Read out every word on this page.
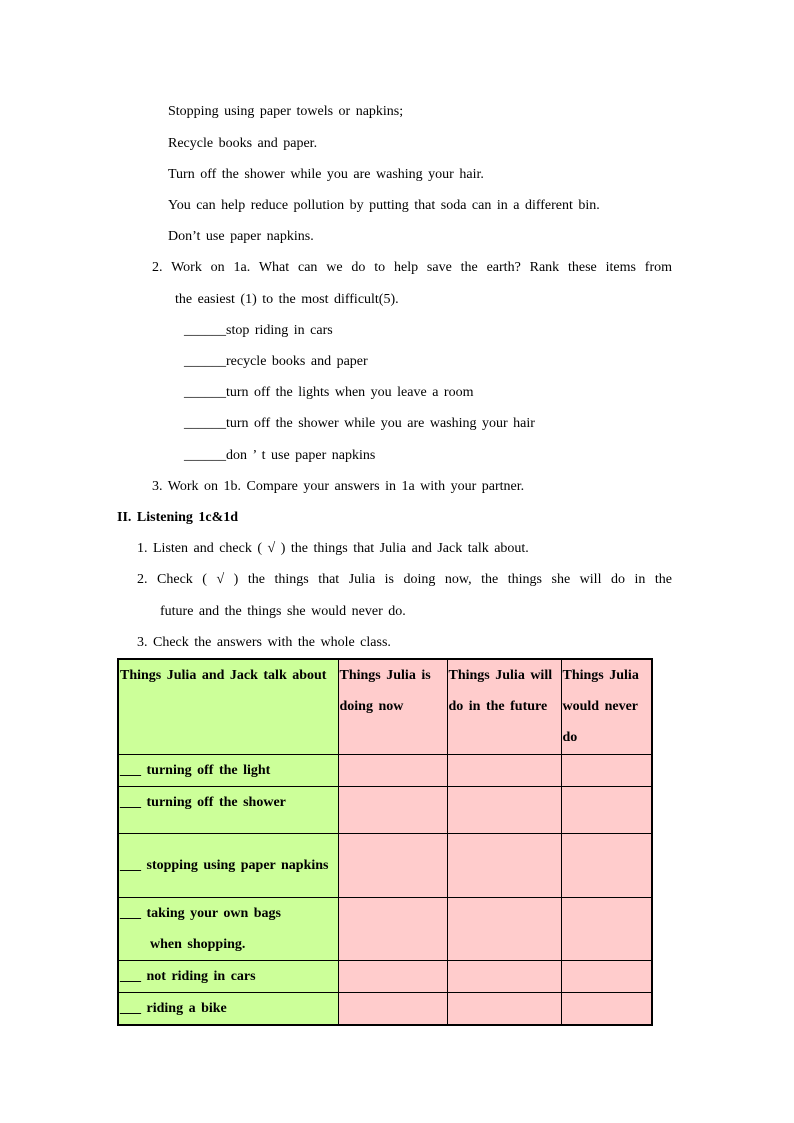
Stopping using paper towels or napkins;
Recycle books and paper.
Turn off the shower while you are washing your hair.
You can help reduce pollution by putting that soda can in a different bin.
Don’t use paper napkins.
2. Work on 1a. What can we do to help save the earth? Rank these items from
the easiest (1) to the most difficult(5).
______stop riding in cars
______recycle books and paper
______turn off the lights when you leave a room
______turn off the shower while you are washing your hair
______don ’ t use paper napkins
3. Work on 1b. Compare your answers in 1a with your partner.
II. Listening 1c&1d
1. Listen and check ( √ ) the things that Julia and Jack talk about.
2. Check ( √ ) the things that Julia is doing now, the things she will do in the
future and the things she would never do.
3. Check the answers with the whole class.
Things Julia and Jack talk about	Things Julia is doing now	Things Julia will do in the future	Things Julia would never do
___ turning off the light			
___ turning off the shower			
___ stopping using paper napkins			
___ taking your own bags
when shopping.			

___ not riding in cars			
___ riding a bike			
